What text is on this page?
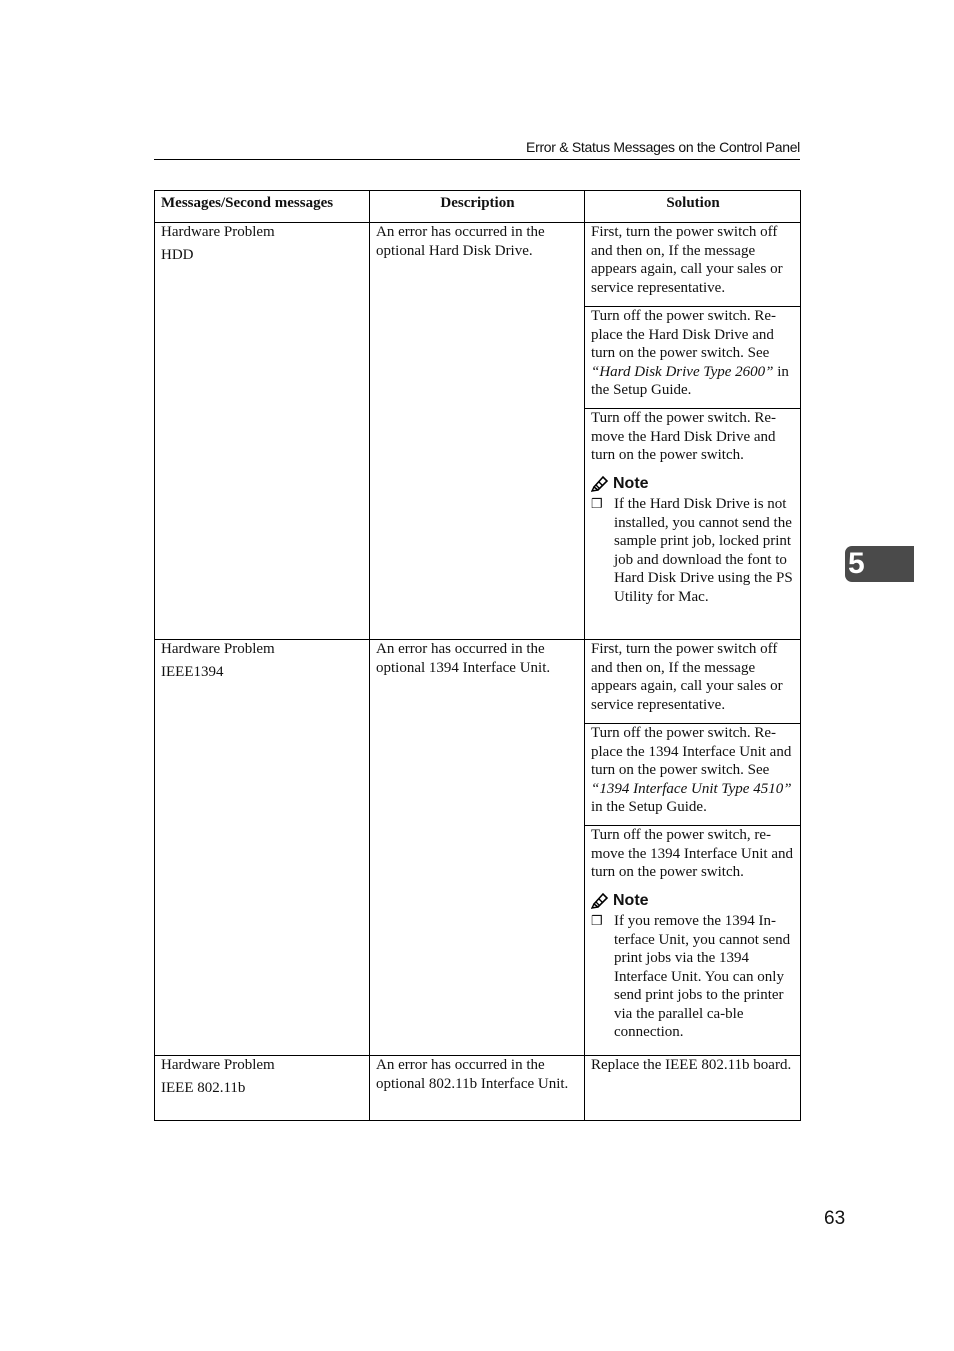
Error & Status Messages on the Control Panel
5
Messages/Second messages	Description	Solution
Hardware Problem
HDD	An error has occurred in the optional Hard Disk Drive.	First, turn the power switch off and then on, If the message appears again, call your sales or service representative.
		Turn off the power switch. Re-place the Hard Disk Drive and turn on the power switch. See “Hard Disk Drive Type 2600” in the Setup Guide.

		Turn off the power switch. Re-move the Hard Disk Drive and turn on the power switch.
Note
❒ If the Hard Disk Drive is not installed, you cannot send the sample print job, locked print job and download the font to Hard Disk Drive using the PS Utility for Mac.

Hardware Problem
IEEE1394	An error has occurred in the optional 1394 Interface Unit.	First, turn the power switch off and then on, If the message appears again, call your sales or service representative.
		Turn off the power switch. Re-place the 1394 Interface Unit and turn on the power switch. See “1394 Interface Unit Type 4510” in the Setup Guide.

		Turn off the power switch, re-move the 1394 Interface Unit and turn on the power switch.
Note
❒ If you remove the 1394 In-terface Unit, you cannot send print jobs via the 1394 Interface Unit. You can only send print jobs to the printer via the parallel ca-ble connection.

Hardware Problem
IEEE 802.11b	An error has occurred in the optional 802.11b Interface Unit.	Replace the IEEE 802.11b board.
63
